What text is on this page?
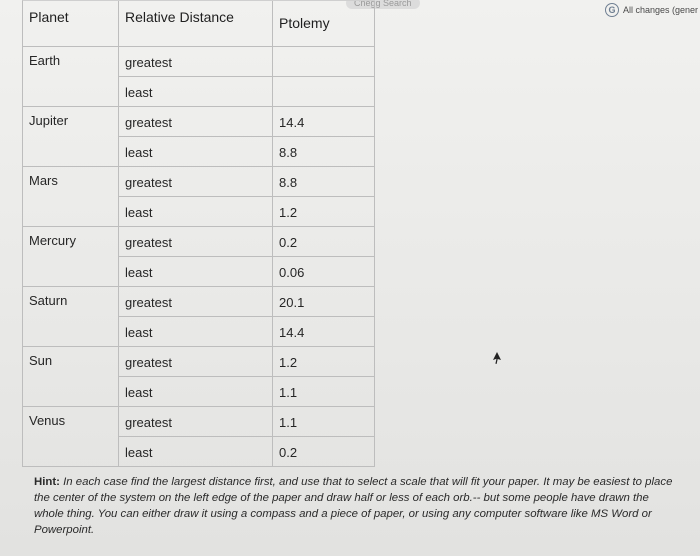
Chegg Search
G All changes (gener
Planet	Relative Distance	Ptolemy
Earth	greatest
least
Jupiter	greatest	14.4
least	8.8
Mars	greatest	8.8
least	1.2
Mercury	greatest	0.2
least	0.06
Saturn	greatest	20.1
least	14.4
Sun	greatest	1.2
least	1.1
Venus	greatest	1.1
least	0.2
Hint: In each case find the largest distance first, and use that to select a scale that will fit your paper. It may be easiest to place the center of the system on the left edge of the paper and draw half or less of each orb.-- but some people have drawn the whole thing. You can either draw it using a compass and a piece of paper, or using any computer software like MS Word or Powerpoint.
